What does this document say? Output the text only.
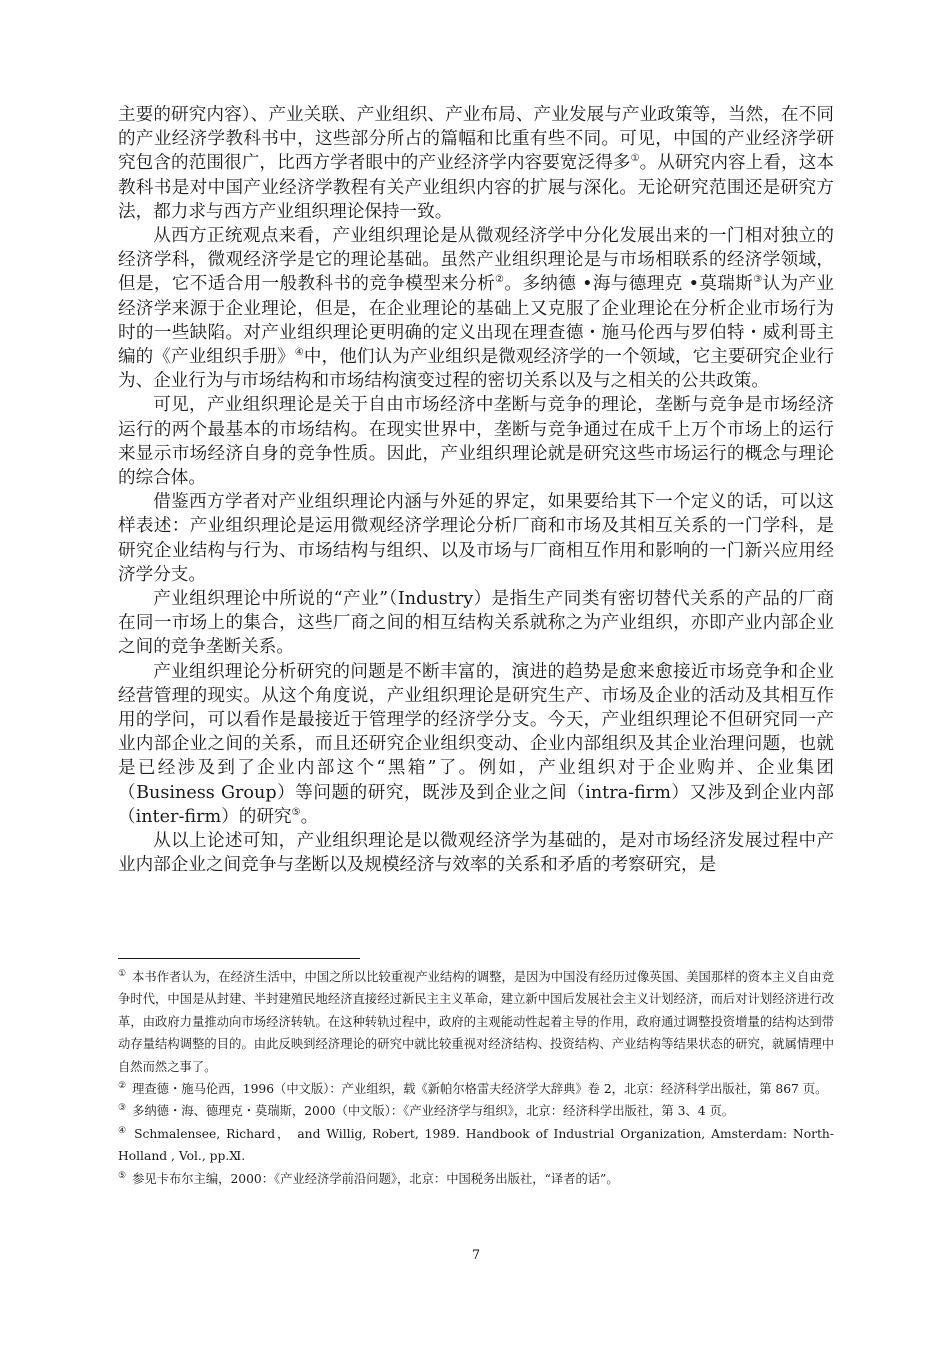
主要的研究内容）、产业关联、产业组织、产业布局、产业发展与产业政策等，当然，在不同的产业经济学教科书中，这些部分所占的篇幅和比重有些不同。可见，中国的产业经济学研究包含的范围很广，比西方学者眼中的产业经济学内容要宽泛得多①。从研究内容上看，这本教科书是对中国产业经济学教程有关产业组织内容的扩展与深化。无论研究范围还是研究方法，都力求与西方产业组织理论保持一致。

从西方正统观点来看，产业组织理论是从微观经济学中分化发展出来的一门相对独立的经济学科，微观经济学是它的理论基础。虽然产业组织理论是与市场相联系的经济学领域，但是，它不适合用一般教科书的竞争模型来分析②。多纳德 •海与德理克 •莫瑞斯③认为产业经济学来源于企业理论，但是，在企业理论的基础上又克服了企业理论在分析企业市场行为时的一些缺陷。对产业组织理论更明确的定义出现在理查德・施马伦西与罗伯特・威利哥主编的《产业组织手册》④中，他们认为产业组织是微观经济学的一个领域，它主要研究企业行为、企业行为与市场结构和市场结构演变过程的密切关系以及与之相关的公共政策。

可见，产业组织理论是关于自由市场经济中垄断与竞争的理论，垄断与竞争是市场经济运行的两个最基本的市场结构。在现实世界中，垄断与竞争通过在成千上万个市场上的运行来显示市场经济自身的竞争性质。因此，产业组织理论就是研究这些市场运行的概念与理论的综合体。

借鉴西方学者对产业组织理论内涵与外延的界定，如果要给其下一个定义的话，可以这样表述：产业组织理论是运用微观经济学理论分析厂商和市场及其相互关系的一门学科，是研究企业结构与行为、市场结构与组织、以及市场与厂商相互作用和影响的一门新兴应用经济学分支。

产业组织理论中所说的“产业”（Industry）是指生产同类有密切替代关系的产品的厂商在同一市场上的集合，这些厂商之间的相互结构关系就称之为产业组织，亦即产业内部企业之间的竞争垄断关系。

产业组织理论分析研究的问题是不断丰富的，演进的趋势是愈来愈接近市场竞争和企业经营管理的现实。从这个角度说，产业组织理论是研究生产、市场及企业的活动及其相互作用的学问，可以看作是最接近于管理学的经济学分支。今天，产业组织理论不但研究同一产业内部企业之间的关系，而且还研究企业组织变动、企业内部组织及其企业治理问题，也就是已经涉及到了企业内部这个“黑箱”了。例如，产业组织对于企业购并、企业集团（Business Group）等问题的研究，既涉及到企业之间（intra-firm）又涉及到企业内部（inter-firm）的研究⑤。

从以上论述可知，产业组织理论是以微观经济学为基础的，是对市场经济发展过程中产业内部企业之间竞争与垄断以及规模经济与效率的关系和矛盾的考察研究，是

① 本书作者认为，在经济生活中，中国之所以比较重视产业结构的调整，是因为中国没有经历过像英国、美国那样的资本主义自由竞争时代，中国是从封建、半封建殖民地经济直接经过新民主主义革命，建立新中国后发展社会主义计划经济，而后对计划经济进行改革，由政府力量推动向市场经济转轨。在这种转轨过程中，政府的主观能动性起着主导的作用，政府通过调整投资增量的结构达到带动存量结构调整的目的。由此反映到经济理论的研究中就比较重视对经济结构、投资结构、产业结构等结果状态的研究，就属情理中自然而然之事了。

② 理查德・施马伦西，1996（中文版）：产业组织，载《新帕尔格雷夫经济学大辞典》卷 2，北京：经济科学出版社，第 867 页。

③ 多纳德・海、德理克・莫瑞斯，2000（中文版）：《产业经济学与组织》，北京：经济科学出版社，第 3、4 页。

④ Schmalensee, Richard， and Willig, Robert, 1989. Handbook of Industrial Organization, Amsterdam: North-Holland , Vol., pp.Ⅺ.

⑤ 参见卡布尔主编，2000：《产业经济学前沿问题》，北京：中国税务出版社，“译者的话”。

7
